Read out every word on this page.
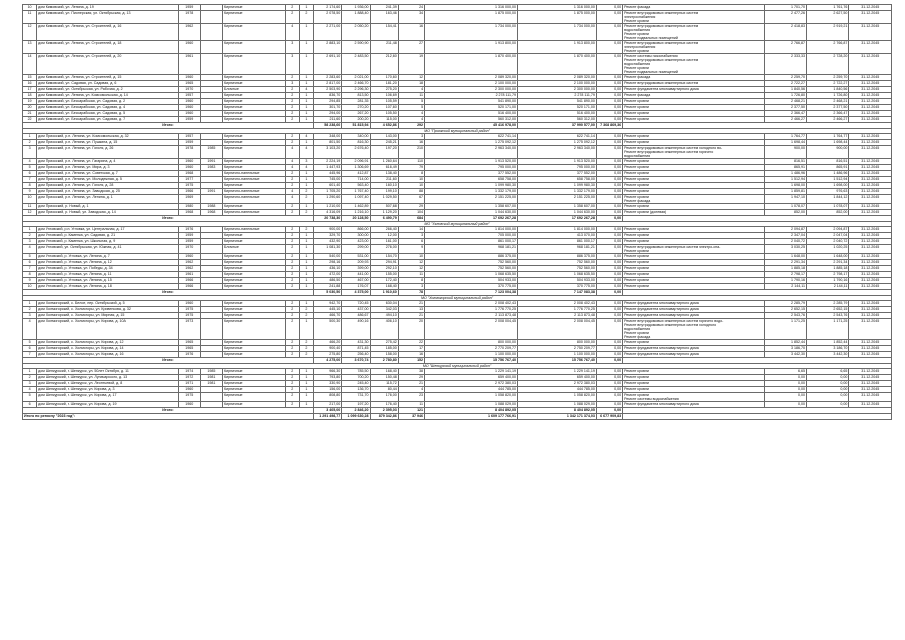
10	дом Кимовский, ул. Ленина, д. 19	1959		Кирпичные	2	1	2 174,60	1 936,00	241,39	24	1 316 000,00	1 316 000,00	0,00	Ремонт фасада	1 701,70	1 761,76	31.12.2045
11	дом Кимовский, ул. Пионерская, ул. Октябрьская, д. 13	1978		Кирпичные	2	2	2 078,50	1 888,40	163,46	34	1 875 000,00	1 875 000,00	0,00	Ремонт внутридомовых инженерных систем
электроснабжения
Ремонт кровли	2 477,26	2 627,50	31.12.2045
12	дом Кимовский, ул. Ленина, ул. Строителей, д. 16	1962		Кирпичные	4	1	2 271,00	2 050,20	154,41	16	1 734 000,00	1 734 000,00	0,00	Ремонт внутридомовых инженерных систем
водоснабжения
Ремонт кровли
Ремонт подвальных помещений	2 418,83	2 919,21	31.12.2045
13	дом Кимовский, ул. Ленина, ул. Строителей, д. 18	1960		Кирпичные	3	1	2 883,10	2 590,90	211,48	27	1 913 800,00	1 913 800,00	0,00	Ремонт внутридомовых инженерных систем
электроснабжения
Ремонт кровли	2 766,87	2 766,87	31.12.2045
14	дом Кимовский, ул. Ленина, ул. Строителей, д. 20	1961		Кирпичные	3	1	2 691,10	2 483,50	212,60	19	1 870 400,00	1 870 400,00	0,00	Ремонт системы газоснабжения
Ремонт внутридомовых инженерных систем
водоснабжения
Ремонт кровли
Ремонт подвальных помещений	2 333,33	2 728,20	31.12.2045
15	дом Кимовский, ул. Ленина, ул. Строителей, д. 15	1960		Кирпичные	2	1	2 283,60	2 021,00	170,60	12	2 089 320,00	2 089 320,00	0,00	Ремонт фасада	2 259,70	2 259,70	31.12.2045
16	дом Кимовский, ул. Садовая, ул. Садовая, д. 6	1965		Кирпичные	3	1	2 817,00	2 466,70	181,20	18	2 100 000,00	2 100 000,00	0,00	Ремонт внутридомовых инженерных систем	2 722,27	2 722,27	31.12.2045
17	дом Кимовский, ул. Октябрьская, ул. Рабочая, д. 2	1970		Блочные	2	4	2 503,90	2 296,30	275,20	4	2 300 000,00	2 300 000,00	0,00	Ремонт фундамента многоквартирного дома	1 840,56	1 840,56	31.12.2045
18	дом Кимовский, ул. Ленина, ул. Комсомольская, д. 14	1957		Кирпичные	2	1	836,70	813,50	106,69	11	2 278 111,79	2 278 111,79	0,00	Ремонт фасада	1 726,80	1 726,80	31.12.2045
19	дом Кимовский, ул. Бессарабская, ул. Садовая, д. 2	1960		Кирпичные	2	1	294,85	281,35	105,59	5	541 890,00	541 890,00	0,00	Ремонт кровли	2 468,21	2 468,21	31.12.2045
20	дом Кимовский, ул. Бессарабская, ул. Садовая, д. 4	1960		Кирпичные	2	1	301,70	270,20	107,60	5	520 171,00	520 171,00	0,00	Ремонт кровли	2 377,50	2 377,50	31.12.2045
21	дом Кимовский, ул. Бессарабская, ул. Садовая, д. 5	1960		Кирпичные	2	1	294,00	267,20	105,50	4	516 400,00	516 400,00	0,00	Ремонт кровли	2 366,47	2 366,47	31.12.2045
22	дом Кимовский, ул. Бессарабская, ул. Садовая, д. 7	1959		Кирпичные	2	1	211,60	200,20	115,00	4	560 312,00	560 312,00	0,00	Ремонт кровли	2 466,27	2 466,27	31.12.2045
Итого:							58 238,60	51 815,94	4 652,86	292	45 416 978,00	37 990 577,00	7 368 869,36				
МО "Приокский муниципальный район"																	
1	дом Приокский, р.п. Ленина, ул. Комсомольская, д. 32	1957		Кирпичные	2	4	348,00	340,00	143,00	3	622 741,14	622 741,14	0,00	Ремонт кровли	1 764,77	1 764,77	31.12.2045
2	дом Приокский, р.п. Ленина, ул. Пушкина, д. 15	1959		Кирпичные	2	1	801,50	816,30	245,21	16	1 275 092,12	1 275 092,12	0,00	Ремонт кровли	1 698,44	1 698,44	31.12.2045
3	дом Приокский, р.п. Ленина, ул. Гоголя, д. 26	1978	1985	Кирпичные	4	4	3 103,20	2 676,40	197,20	210	2 963 340,00	2 963 340,00	0,00	Ремонт внутридомовых инженерных систем холодного во-
Ремонт внутридомовых инженерных систем горячего
водоснабжения	900,00	900,00	31.12.2045
4	дом Приокский, р.п. Ленина, ул. Гагарина, д. 4	1960	1991	Кирпичные	4	3	2 224,19	2 096,91	1 260,64	110	1 913 520,00	1 913 520,00	0,00	Ремонт кровли	816,51	816,51	31.12.2045
5	дом Приокский, р.п. Ленина, ул. Мира, д. 3	1960	1983	Кирпичные	4	4	1 447,93	1 306,69	616,49	79	795 000,00	795 000,00	0,00	Ремонт кровли	865,91	865,91	31.12.2045
6	дом Приокский, р.п. Ленина, ул. Советская, д. 7	1968		Кирпично-панельные	2	1	445,96	412,87	138,40	8	377 552,00	377 552,00	0,00	Ремонт кровли	1 486,96	1 486,96	31.12.2045
7	дом Приокский, р.п. Ленина, ул. Молодежная, д. 5	1977		Кирпично-панельные	2	1	745,00	714,00	211,60	10	658 758,00	658 758,00	0,00	Ремонт кровли	1 512,94	1 512,94	31.12.2045
8	дом Приокский, р.п. Ленина, ул. Гоголя, д. 28	1975		Кирпичные	2	1	601,40	563,40	160,10	10	1 099 980,30	1 099 980,30	0,00	Ремонт кровли	1 698,00	1 698,00	31.12.2045
9	дом Приокский, р.п. Ленина, ул. Заводская, д. 25	1966	1991	Кирпично-панельные	4	2	1 705,20	1 767,40	199,10	88	1 332 179,00	1 332 179,00	0,00	Ремонт кровли	1 859,81	976,63	31.12.2045
10	дом Приокский, р.п. Ленина, ул. Ленина, д. 1	1969		Кирпично-панельные	4	2	1 290,60	1 097,40	1 029,50	67	2 151 225,00	2 151 225,00	0,00	Ремонт кровли
Ремонт фасада	1 947,10	1 844,12	31.12.2045
11	дом Приокский, р. Новый, д. 1	1980	1988	Кирпичные	2	1	1 210,00	1 462,89	507,68	29	1 358 607,00	1 358 607,00	0,00	Ремонт кровли	1 078,07	1 078,07	31.12.2045
12	дом Приокский, р. Новый, ул. Заводская, д. 14	1968	1968	Кирпично-панельные	2	2	4 316,09	1 216,10	1 129,20	104	1 044 630,00	1 044 630,00	0,00	Ремонт кровли (долевая)	852,00	852,00	31.12.2045
Итого:							20 738,30	20 128,50	6 490,79	684	17 692 267,28	17 692 267,28	0,00				
МО "Угловский муниципальный район"																	
1	дом Угловский, р.п. Угловка, ул. Центральная, д. 17	1976		Кирпично-панельные	2	2	900,00	866,00	266,40	14	1 814 000,00	1 814 000,00	0,00	Ремонт кровли	2 094,87	2 094,87	31.12.2045
2	дом Угловский, р. Каменка, ул. Садовая, д. 21	1959		Кирпичные	2	1	329,70	300,00	12,00	3	705 000,00	413 070,00	0,00	Ремонт кровли	2 347,04	2 047,04	31.12.2045
3	дом Угловский, р. Каменка, ул. Школьная, д. 9	1959		Кирпичные	2	1	432,90	423,00	161,00	6	861 000,17	861 000,17	0,00	Ремонт кровли	2 040,72	2 040,72	31.12.2045
4	дом Угловский, ул. Октябрьская, ул. Южная, д. 41	1970		Блочные	2	1	1 081,30	299,00	276,00	9	968 181,21	968 181,21	0,00	Ремонт внутридомовых инженерных систем электро-сна-
Ремонт кровли	3 030,25	1 020,25	31.12.2045
5	дом Угловский, р. Угловка, ул. Ленина, д. 7	1960		Кирпичные	2	1	540,00	531,00	154,70	10	886 375,00	886 375,00	0,00	Ремонт кровли	1 648,00	1 648,00	31.12.2045
6	дом Угловский, р. Угловка, ул. Ленина, д. 12	1962		Кирпичные	2	1	298,16	209,93	294,91	12	752 560,00	752 560,00	0,00	Ремонт кровли	2 291,34	2 291,34	31.12.2045
7	дом Угловский, р. Угловка, ул. Победы, д. 34	1962		Кирпичные	2	1	436,10	399,00	292,10	12	752 560,00	752 560,00	0,00	Ремонт кровли	1 885,18	1 885,18	31.12.2045
8	дом Угловский, р. Угловка, ул. Ленина, д. 11	1961		Кирпичные	2	1	472,00	441,00	155,00	11	1 068 635,50	1 068 635,50	0,00	Ремонт кровли	2 798,17	2 798,17	31.12.2045
9	дом Угловский, р. Угловка, ул. Ленина, д. 15	1966		Кирпичные	2	1	486,50	467,00	172,40	8	504 933,00	504 933,00	0,00	Ремонт кровли	1 790,16	1 790,16	31.12.2045
10	дом Угловский, р. Угловка, ул. Ленина, д. 18	1966		Кирпичные	2	1	241,88	176,07	168,40	3	370 775,00	370 775,00	0,00	Ремонт кровли	2 144,11	2 144,11	31.12.2045
Итого:							5 030,50	4 375,00	1 910,60	78	7 123 004,38	7 147 083,38	0,00				
МО "Холмогорский муниципальный район"																	
1	дом Холмогорский, с. Белое, пер. Октябрьский, д. 5	1960		Кирпичные	2	1	942,70	720,45	630,04	21	2 008 402,43	2 008 402,43	0,00	Ремонт фундамента многоквартирного дома	2 285,79	2 285,79	31.12.2045
2	дом Холмогорский, с. Холмогоры, ул. Кривенкова, д. 32	1975		Кирпичные	2	2	445,10	437,00	342,03	13	1 776 770,25	1 776 770,25	0,00	Ремонт фундамента многоквартирного дома	2 652,15	2 652,15	31.12.2045
3	дом Холмогорский, с. Холмогоры, ул. Мирная, д. 15	1975		Кирпичные	2	2	466,70	486,67	494,10	21	2 113 873,48	2 113 873,48	0,00	Ремонт фундамента многоквартирного дома	2 543,76	2 543,76	31.12.2045
4	дом Холмогорский, с. Холмогоры, ул. Кирова, д. 10А	1973		Кирпичные	2	1	500,30	490,16	406,10	20	2 008 004,45	2 008 004,45	0,00	Ремонт внутридомовых инженерных систем горячего водо-
Ремонт внутридомовых инженерных систем холодного
водоснабжения
Ремонт кровли
Ремонт фасада	1 171,25	1 171,25	31.12.2045
5	дом Холмогорский, с. Холмогоры, ул. Кирова, д. 12	1965		Кирпичные	2	2	466,20	431,30	275,42	22	800 000,00	800 000,00	0,00	Ремонт кровли	1 852,44	1 852,44	31.12.2045
6	дом Холмогорский, с. Холмогоры, ул. Кирова, д. 14	1965		Кирпичные	2	2	900,40	871,45	185,00	17	2 770 209,77	2 750 209,77	0,00	Ремонт фундамента многоквартирного дома	3 186,70	3 186,70	31.12.2045
7	дом Холмогорский, с. Холмогоры, ул. Кирова, д. 16	1976		Кирпичные	2	2	275,80	256,40	158,00	16	1 100 000,00	1 100 000,00	0,00	Ремонт фундамента многоквартирного дома	3 442,30	3 442,30	31.12.2045
Итого:							4 275,00	3 670,74	2 780,80	152	15 756 767,40	15 756 767,40	0,00				
МО "Шенкурский муниципальный район"																	
1	дом Шенкурский, г. Шенкурск, ул. 50лет Октября, д. 11	1974	1985	Кирпичные	2	1	966,30	785,50	168,40	38	1 229 141,19	1 229 141,19	0,00	Ремонт кровли	6,65	6,65	31.12.2045
2	дом Шенкурский, г. Шенкурск, ул. Луначарского, д. 13	1972	1981	Кирпичные	2	1	793,80	700,20	150,48	29	659 400,00	659 400,00	0,00	Ремонт кровли	0,00	0,00	31.12.2045
3	дом Шенкурский, г. Шенкурск, ул. Леонтьевой, д. 8	1971	1981	Кирпичные	2	1	330,90	245,40	115,72	21	2 972 380,03	2 972 380,03	0,00	Ремонт кровли	0,00	0,00	31.12.2045
4	дом Шенкурский, г. Шенкурск, ул. Кирова, д. 3	1960		Кирпичные	2	1	156,00	136,70	80,44	4	444 785,00	444 785,00	0,00	Ремонт кровли	0,00	0,00	31.12.2045
5	дом Шенкурский, г. Шенкурск, ул. Кирова, д. 17	1975		Кирпичные	2	1	808,80	731,70	176,00	23	1 058 820,00	1 058 820,00	0,00	Ремонт кровли
Ремонт системы водоснабжения	0,00	0,00	31.12.2045
6	дом Шенкурский, г. Шенкурск, ул. Кирова, д. 19	1960		Кирпичные	2	1	217,00	197,20	176,40	11	1 088 029,00	1 088 029,00	0,00	Ремонт фундамента многоквартирного дома	0,00	0,00	31.12.2045
Итого:							3 405,00	2 846,20	2 395,03	121	8 404 892,05	8 404 892,05	0,00				
Итого по региону "2023 год":							1 291 498,77	1 099 630,28	879 342,86	37 946	1 609 177 766,91	1 342 171 374,03	6 677 909,83				
